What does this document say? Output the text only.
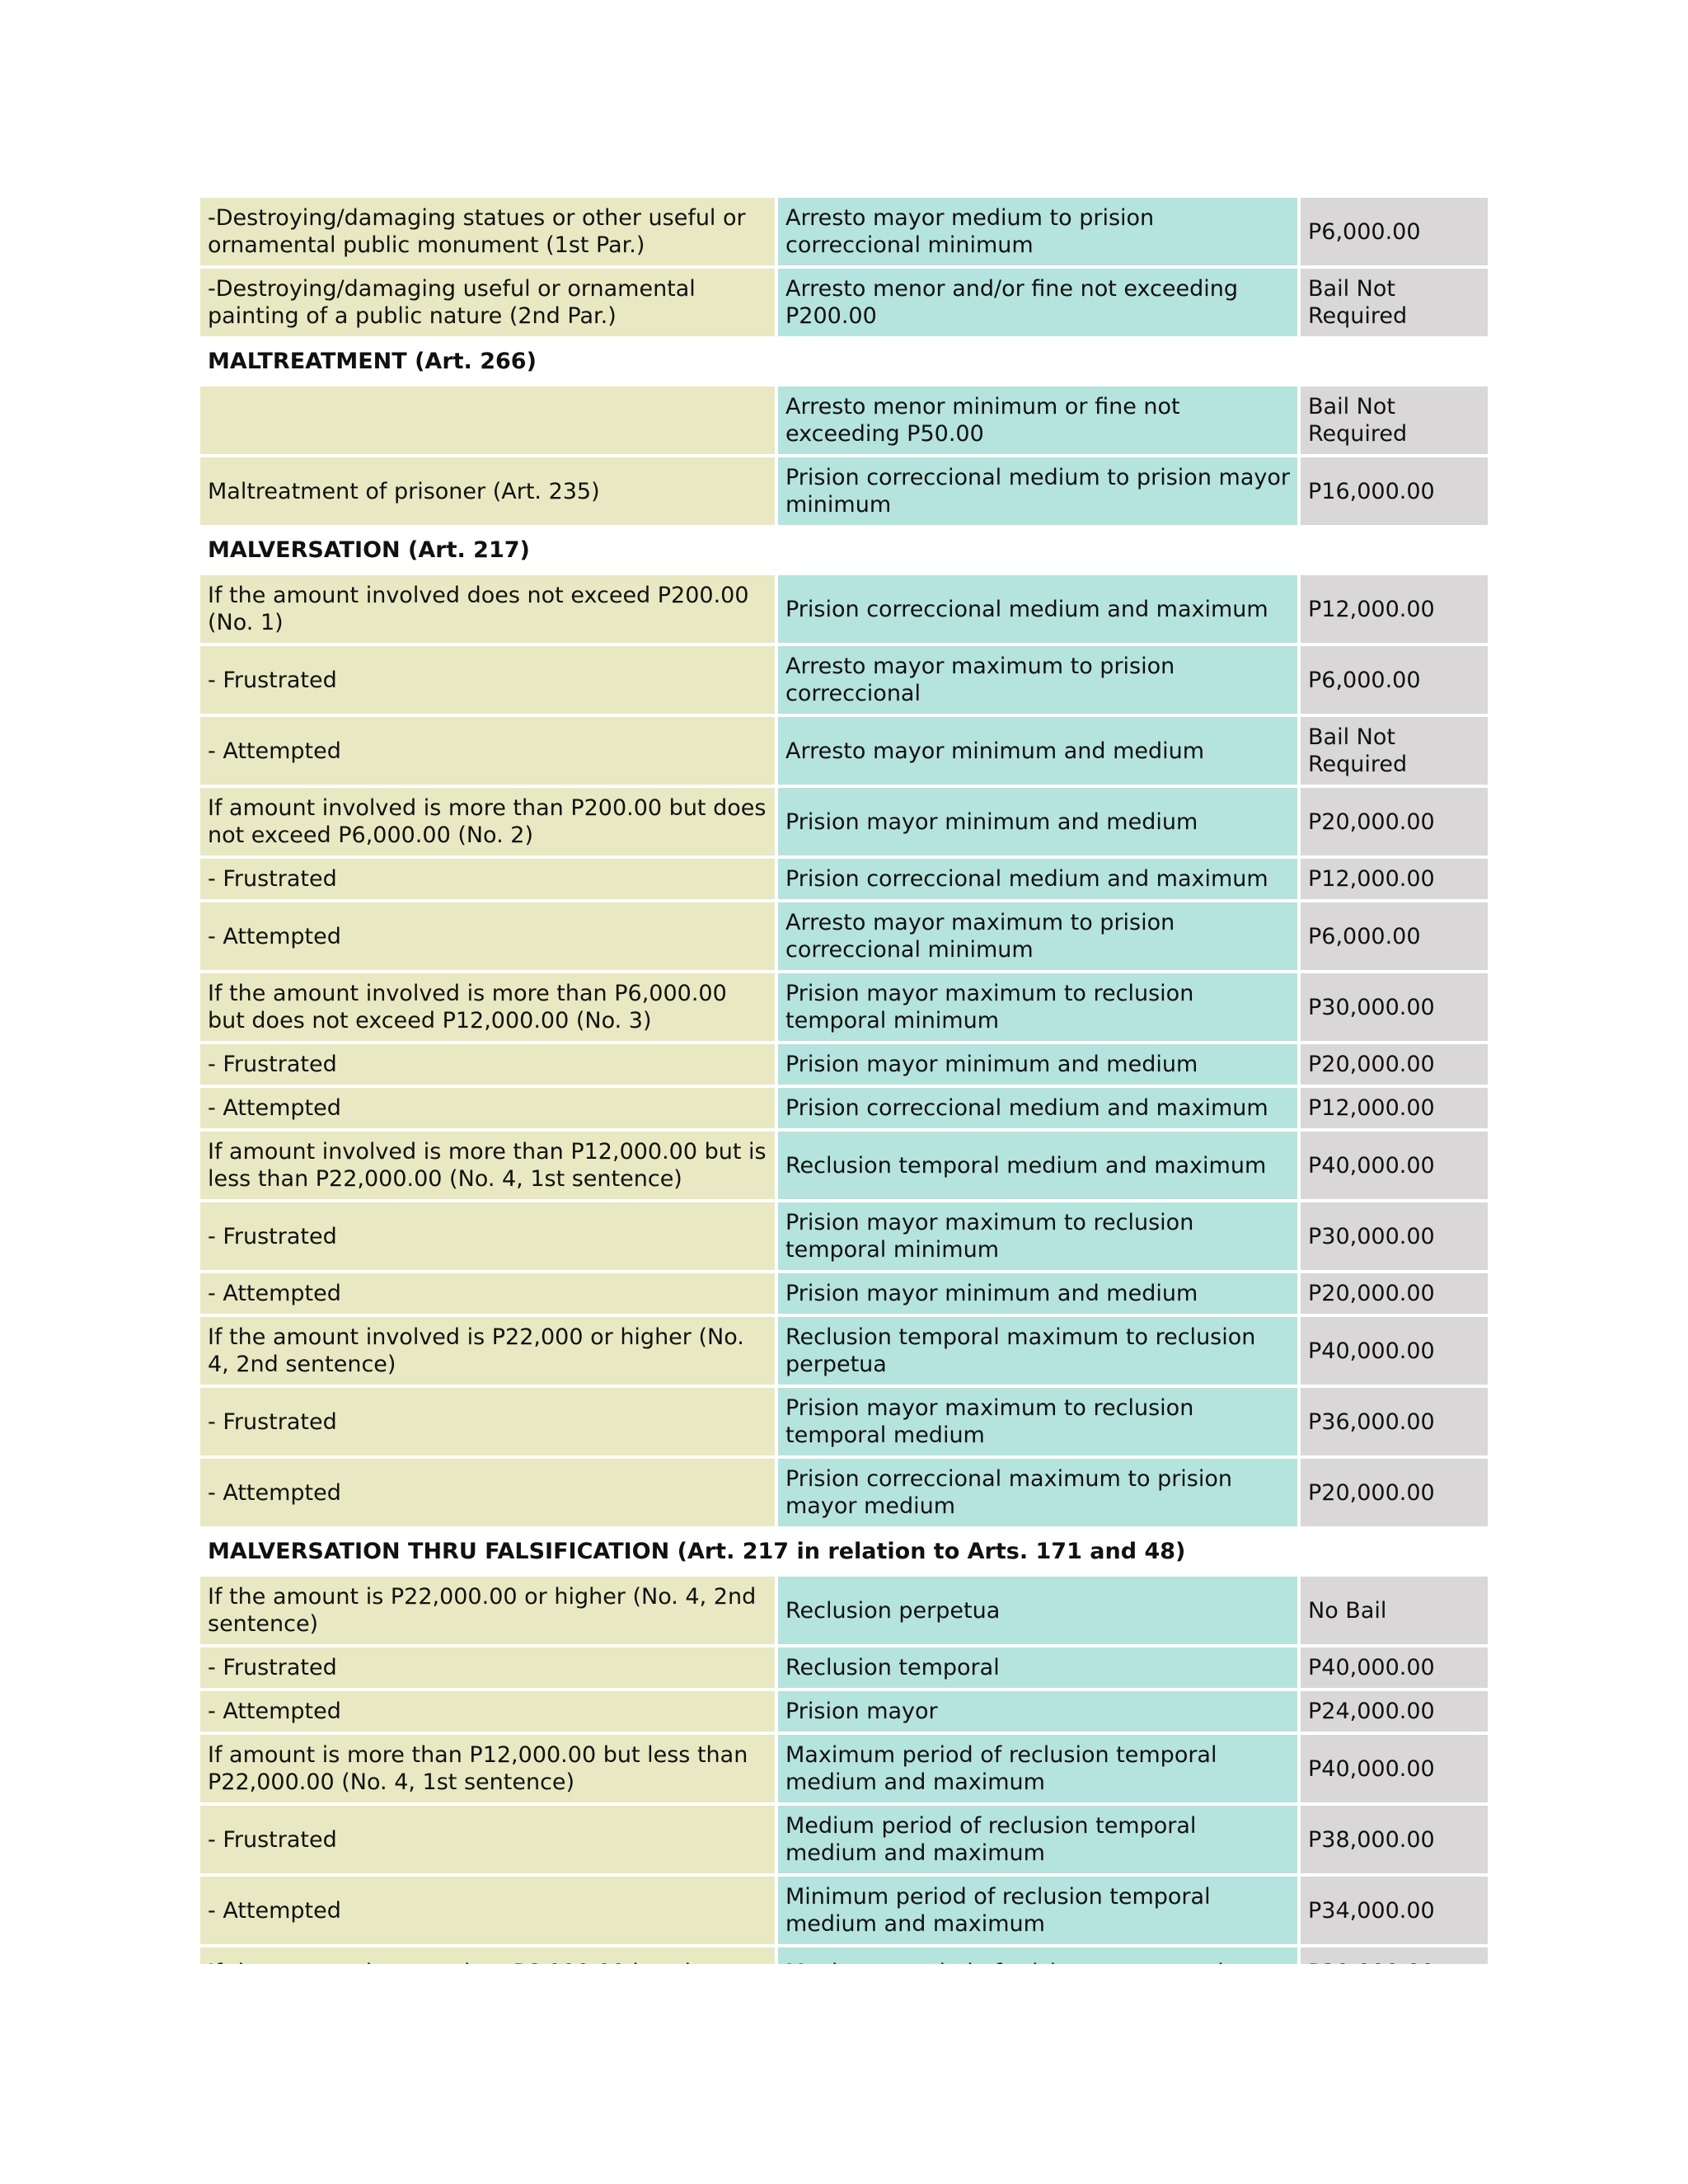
-Destroying/damaging statues or other useful or ornamental public monument (1st Par.)	Arresto mayor medium to prision correccional minimum	P6,000.00
-Destroying/damaging useful or ornamental painting of a public nature (2nd Par.)	Arresto menor and/or fine not exceeding P200.00	Bail Not Required
MALTREATMENT (Art. 266)		
	Arresto menor minimum or fine not exceeding P50.00	Bail Not Required
Maltreatment of prisoner (Art. 235)	Prision correccional medium to prision mayor minimum	P16,000.00
MALVERSATION (Art. 217)		
If the amount involved does not exceed P200.00 (No. 1)	Prision correccional medium and maximum	P12,000.00
- Frustrated	Arresto mayor maximum to prision correccional	P6,000.00
- Attempted	Arresto mayor minimum and medium	Bail Not Required
If amount involved is more than P200.00 but does not exceed P6,000.00 (No. 2)	Prision mayor minimum and medium	P20,000.00
- Frustrated	Prision correccional medium and maximum	P12,000.00
- Attempted	Arresto mayor maximum to prision correccional minimum	P6,000.00
If the amount involved is more than P6,000.00 but does not exceed P12,000.00 (No. 3)	Prision mayor maximum to reclusion temporal minimum	P30,000.00
- Frustrated	Prision mayor minimum and medium	P20,000.00
- Attempted	Prision correccional medium and maximum	P12,000.00
If amount involved is more than P12,000.00 but is less than P22,000.00 (No. 4, 1st sentence)	Reclusion temporal medium and maximum	P40,000.00
- Frustrated	Prision mayor maximum to reclusion temporal minimum	P30,000.00
- Attempted	Prision mayor minimum and medium	P20,000.00
If the amount involved is P22,000 or higher (No. 4, 2nd sentence)	Reclusion temporal maximum to reclusion perpetua	P40,000.00
- Frustrated	Prision mayor maximum to reclusion temporal medium	P36,000.00
- Attempted	Prision correccional maximum to prision mayor medium	P20,000.00
MALVERSATION THRU FALSIFICATION (Art. 217 in relation to Arts. 171 and 48)		
If the amount is P22,000.00 or higher (No. 4, 2nd sentence)	Reclusion perpetua	No Bail
- Frustrated	Reclusion temporal	P40,000.00
- Attempted	Prision mayor	P24,000.00
If amount is more than P12,000.00 but less than P22,000.00 (No. 4, 1st sentence)	Maximum period of reclusion temporal medium and maximum	P40,000.00
- Frustrated	Medium period of reclusion temporal medium and maximum	P38,000.00
- Attempted	Minimum period of reclusion temporal medium and maximum	P34,000.00
